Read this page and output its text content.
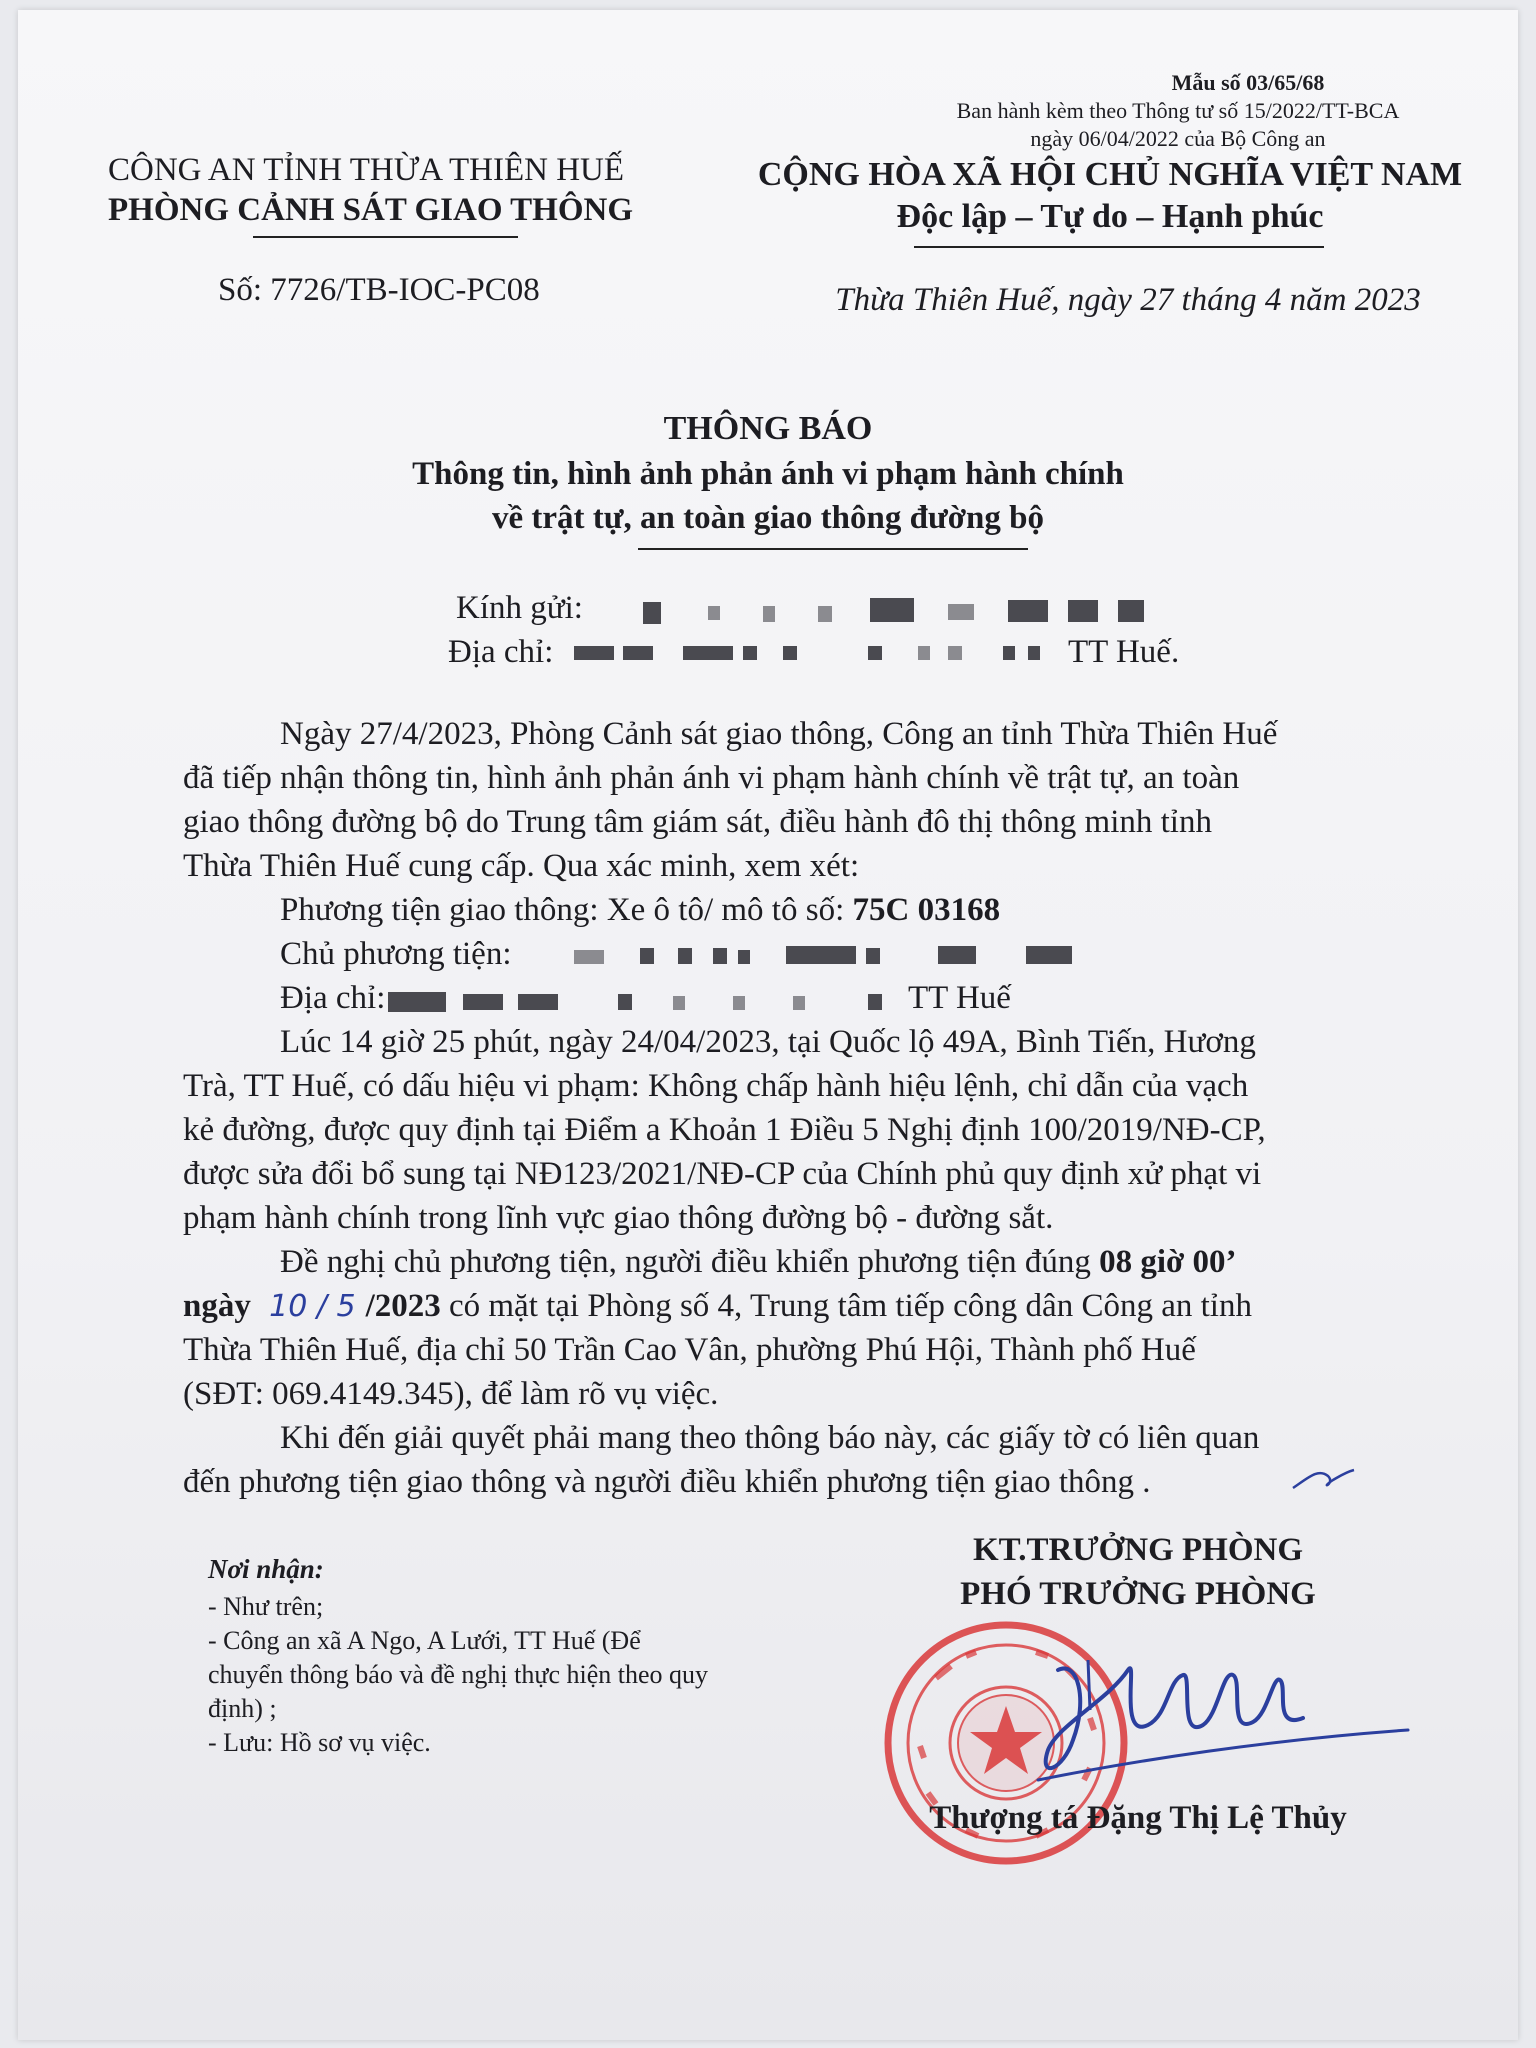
Mẫu số 03/65/68
Ban hành kèm theo Thông tư số 15/2022/TT-BCA
ngày 06/04/2022 của Bộ Công an
CÔNG AN TỈNH THỪA THIÊN HUẾ
PHÒNG CẢNH SÁT GIAO THÔNG
Số: 7726/TB-IOC-PC08
CỘNG HÒA XÃ HỘI CHỦ NGHĨA VIỆT NAM
Độc lập – Tự do – Hạnh phúc
Thừa Thiên Huế, ngày 27 tháng 4 năm 2023
THÔNG BÁO
Thông tin, hình ảnh phản ánh vi phạm hành chính
về trật tự, an toàn giao thông đường bộ
Kính gửi:
Địa chỉ:	TT Huế.
Ngày 27/4/2023, Phòng Cảnh sát giao thông, Công an tỉnh Thừa Thiên Huế
đã tiếp nhận thông tin, hình ảnh phản ánh vi phạm hành chính về trật tự, an toàn
giao thông đường bộ do Trung tâm giám sát, điều hành đô thị thông minh tỉnh
Thừa Thiên Huế cung cấp. Qua xác minh, xem xét:
Phương tiện giao thông: Xe ô tô/ mô tô số: 75C 03168
Chủ phương tiện:
Địa chỉ:	TT Huế
Lúc 14 giờ 25 phút, ngày 24/04/2023, tại Quốc lộ 49A, Bình Tiến, Hương
Trà, TT Huế, có dấu hiệu vi phạm: Không chấp hành hiệu lệnh, chỉ dẫn của vạch
kẻ đường, được quy định tại Điểm a Khoản 1 Điều 5 Nghị định 100/2019/NĐ-CP,
được sửa đổi bổ sung tại NĐ123/2021/NĐ-CP của Chính phủ quy định xử phạt vi
phạm hành chính trong lĩnh vực giao thông đường bộ - đường sắt.
Đề nghị chủ phương tiện, người điều khiển phương tiện đúng 08 giờ 00’
ngày 10 / 5 /2023 có mặt tại Phòng số 4, Trung tâm tiếp công dân Công an tỉnh
Thừa Thiên Huế, địa chỉ 50 Trần Cao Vân, phường Phú Hội, Thành phố Huế
(SĐT: 069.4149.345), để làm rõ vụ việc.
Khi đến giải quyết phải mang theo thông báo này, các giấy tờ có liên quan
đến phương tiện giao thông và người điều khiển phương tiện giao thông .
Nơi nhận:
- Như trên;
- Công an xã A Ngo, A Lưới, TT Huế (Để
chuyển thông báo và đề nghị thực hiện theo quy
định) ;
- Lưu: Hồ sơ vụ việc.
KT.TRƯỞNG PHÒNG
PHÓ TRƯỞNG PHÒNG
Thượng tá Đặng Thị Lệ Thủy
